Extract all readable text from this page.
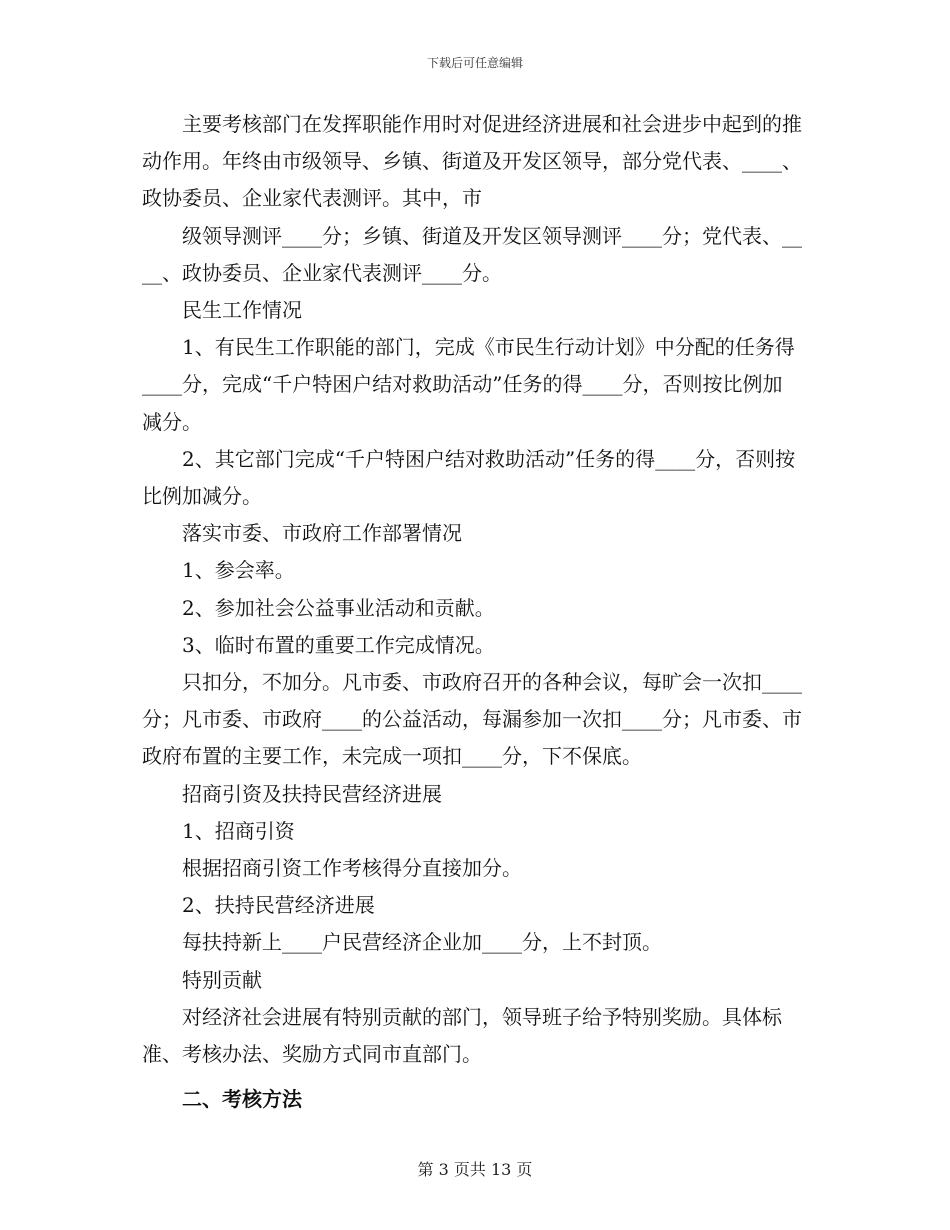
下载后可任意编辑

主要考核部门在发挥职能作用时对促进经济进展和社会进步中起到的推动作用。年终由市级领导、乡镇、街道及开发区领导，部分党代表、____、政协委员、企业家代表测评。其中，市

级领导测评____分；乡镇、街道及开发区领导测评____分；党代表、____、政协委员、企业家代表测评____分。

民生工作情况

1、有民生工作职能的部门，完成《市民生行动计划》中分配的任务得____分，完成“千户特困户结对救助活动”任务的得____分，否则按比例加减分。

2、其它部门完成“千户特困户结对救助活动”任务的得____分，否则按比例加减分。

落实市委、市政府工作部署情况

1、参会率。

2、参加社会公益事业活动和贡献。

3、临时布置的重要工作完成情况。

只扣分，不加分。凡市委、市政府召开的各种会议，每旷会一次扣____分；凡市委、市政府____的公益活动，每漏参加一次扣____分；凡市委、市政府布置的主要工作，未完成一项扣____分，下不保底。

招商引资及扶持民营经济进展

1、招商引资

根据招商引资工作考核得分直接加分。

2、扶持民营经济进展

每扶持新上____户民营经济企业加____分，上不封顶。

特别贡献

对经济社会进展有特别贡献的部门，领导班子给予特别奖励。具体标准、考核办法、奖励方式同市直部门。

二、考核方法

第 3 页共 13 页
